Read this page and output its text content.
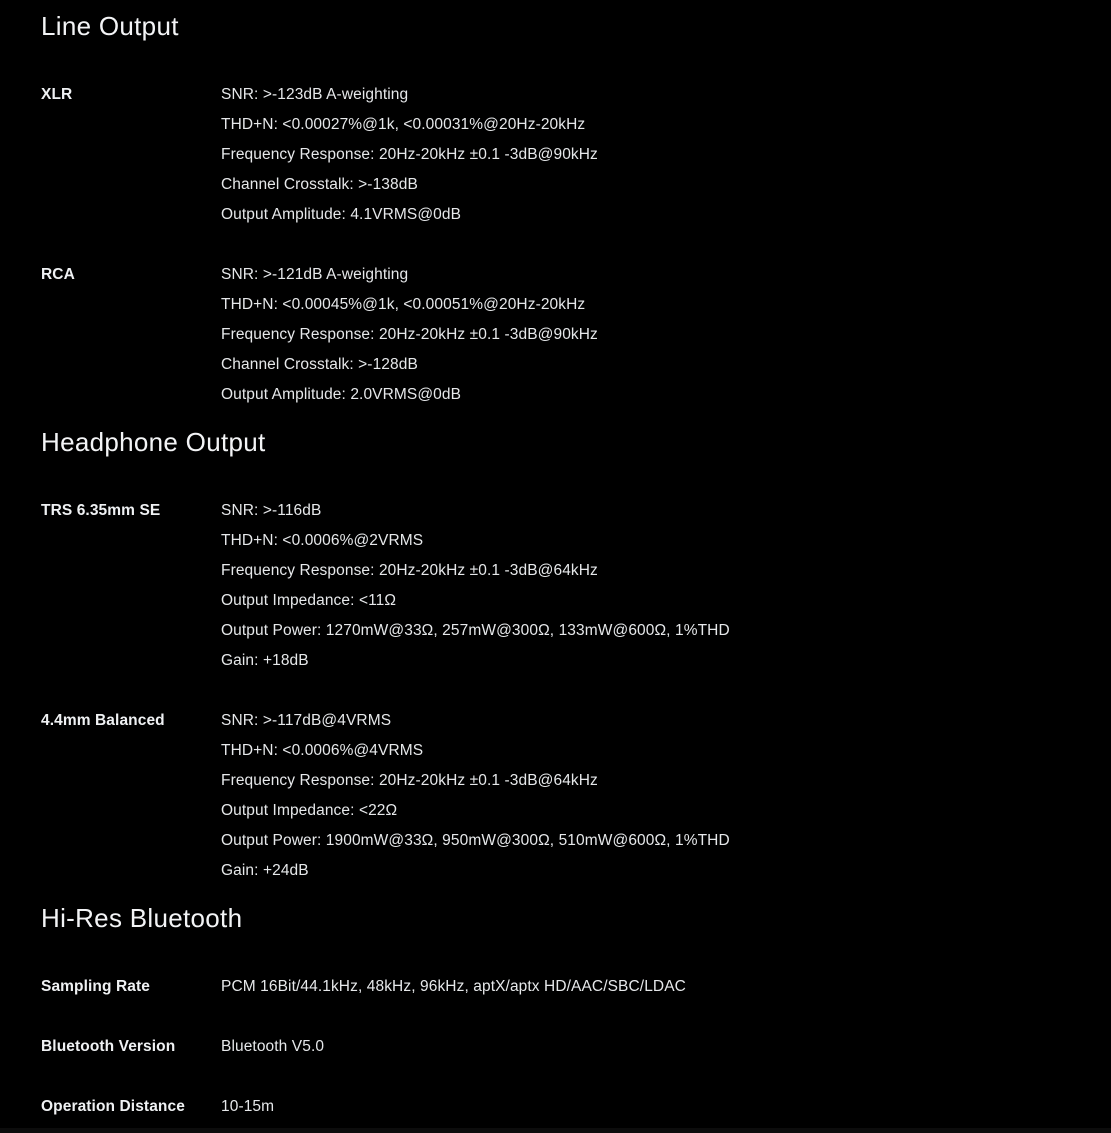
Line Output
XLR	SNR: >-123dB A-weighting
THD+N: <0.00027%@1k, <0.00031%@20Hz-20kHz
Frequency Response: 20Hz-20kHz ±0.1 -3dB@90kHz
Channel Crosstalk: >-138dB
Output Amplitude: 4.1VRMS@0dB
RCA	SNR: >-121dB A-weighting
THD+N: <0.00045%@1k, <0.00051%@20Hz-20kHz
Frequency Response: 20Hz-20kHz ±0.1 -3dB@90kHz
Channel Crosstalk: >-128dB
Output Amplitude: 2.0VRMS@0dB
Headphone Output
TRS 6.35mm SE	SNR: >-116dB
THD+N: <0.0006%@2VRMS
Frequency Response: 20Hz-20kHz ±0.1 -3dB@64kHz
Output Impedance: <11Ω
Output Power: 1270mW@33Ω, 257mW@300Ω, 133mW@600Ω, 1%THD
Gain: +18dB
4.4mm Balanced	SNR: >-117dB@4VRMS
THD+N: <0.0006%@4VRMS
Frequency Response: 20Hz-20kHz ±0.1 -3dB@64kHz
Output Impedance: <22Ω
Output Power: 1900mW@33Ω, 950mW@300Ω, 510mW@600Ω, 1%THD
Gain: +24dB
Hi-Res Bluetooth
Sampling Rate	PCM 16Bit/44.1kHz, 48kHz, 96kHz, aptX/aptx HD/AAC/SBC/LDAC
Bluetooth Version	Bluetooth V5.0
Operation Distance	10-15m
